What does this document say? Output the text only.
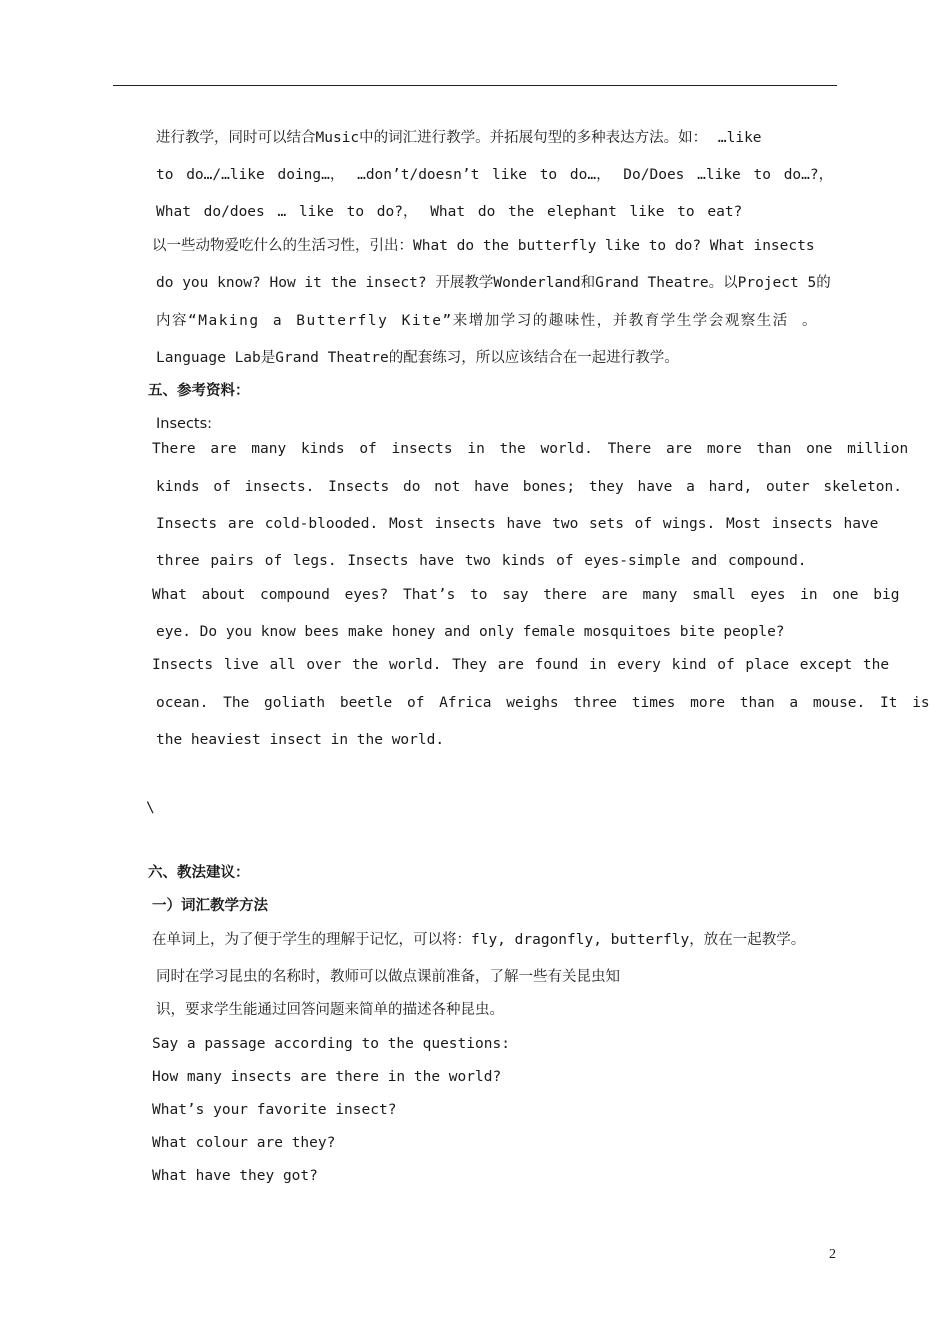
进行教学，同时可以结合Music中的词汇进行教学。并拓展句型的多种表达方法。如： …like
to do…/…like doing…， …don’t/doesn’t like to do…， Do/Does …like to do…?，
What do/does … like to do?， What do the elephant like to eat?
以一些动物爱吃什么的生活习性，引出：What do the butterfly like to do? What insects
do you know? How it the insect? 开展教学Wonderland和Grand Theatre。以Project 5的
内容“Making a Butterfly Kite”来增加学习的趣味性，并教育学生学会观察生活 。
Language Lab是Grand Theatre的配套练习，所以应该结合在一起进行教学。
五、参考资料：
Insects:
There are many kinds of insects in the world. There are more than one million
kinds of insects. Insects do not have bones; they have a hard, outer skeleton.
Insects are cold-blooded. Most insects have two sets of wings. Most insects have
three pairs of legs. Insects have two kinds of eyes-simple and compound.
What about compound eyes? That’s to say there are many small eyes in one big
eye. Do you know bees make honey and only female mosquitoes bite people?
Insects live all over the world. They are found in every kind of place except the
ocean. The goliath beetle of Africa weighs three times more than a mouse. It is
the heaviest insect in the world.
\
六、教法建议：
一）词汇教学方法
在单词上，为了便于学生的理解于记忆，可以将：fly, dragonfly, butterfly，放在一起教学。
同时在学习昆虫的名称时，教师可以做点课前准备，了解一些有关昆虫知
识，要求学生能通过回答问题来简单的描述各种昆虫。
Say a passage according to the questions:
How many insects are there in the world?
What’s your favorite insect?
What colour are they?
What have they got?
2
